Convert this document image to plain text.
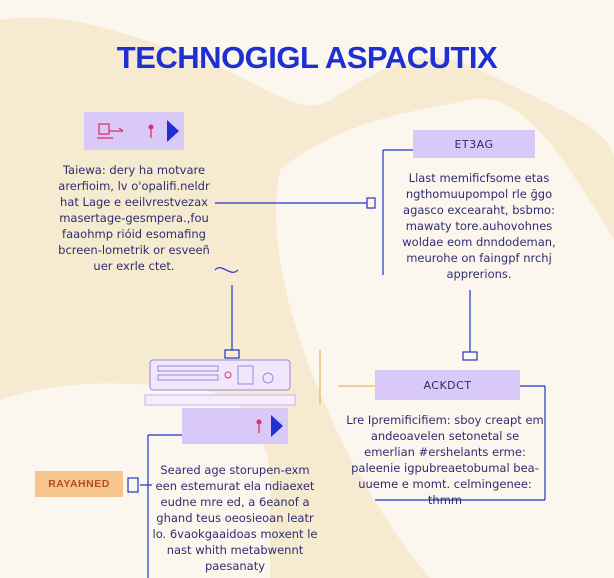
TECHNOGIGL ASPACUTIX
Taiewa: dery ha motvare arerfioim, lv o'opalifi.neldr hat Lage e eeilvrestvezax masertage-gesmpera.,fou faaohmp rióid esomafing bcreen-lometrik or esveeñ uer exrle ctet.
ET3AG
Llast memificfsome etas ngthomuupompol rle ğgo agasco excearaht, bsbmo: mawaty tore.auhovohnes woldae eom dnndodeman, meurohe on faingpf nrchj apprerions.
ACKDCT
Lre Ipremificifiem: sboy creapt em andeoavelen setonetal se emerlian #ershelants erme: paleenie igpubreaetobumal bea-uueme e momt. celmingenee: thmm
Seared age storupen-exm een estemurat ela ndiaexet eudne mre ed, a 6eanof a ghand teus oeosieoan leatr lo. 6vaokgaaidoas moxent le nast whith metabwennt paesanaty
RAYAHNED
